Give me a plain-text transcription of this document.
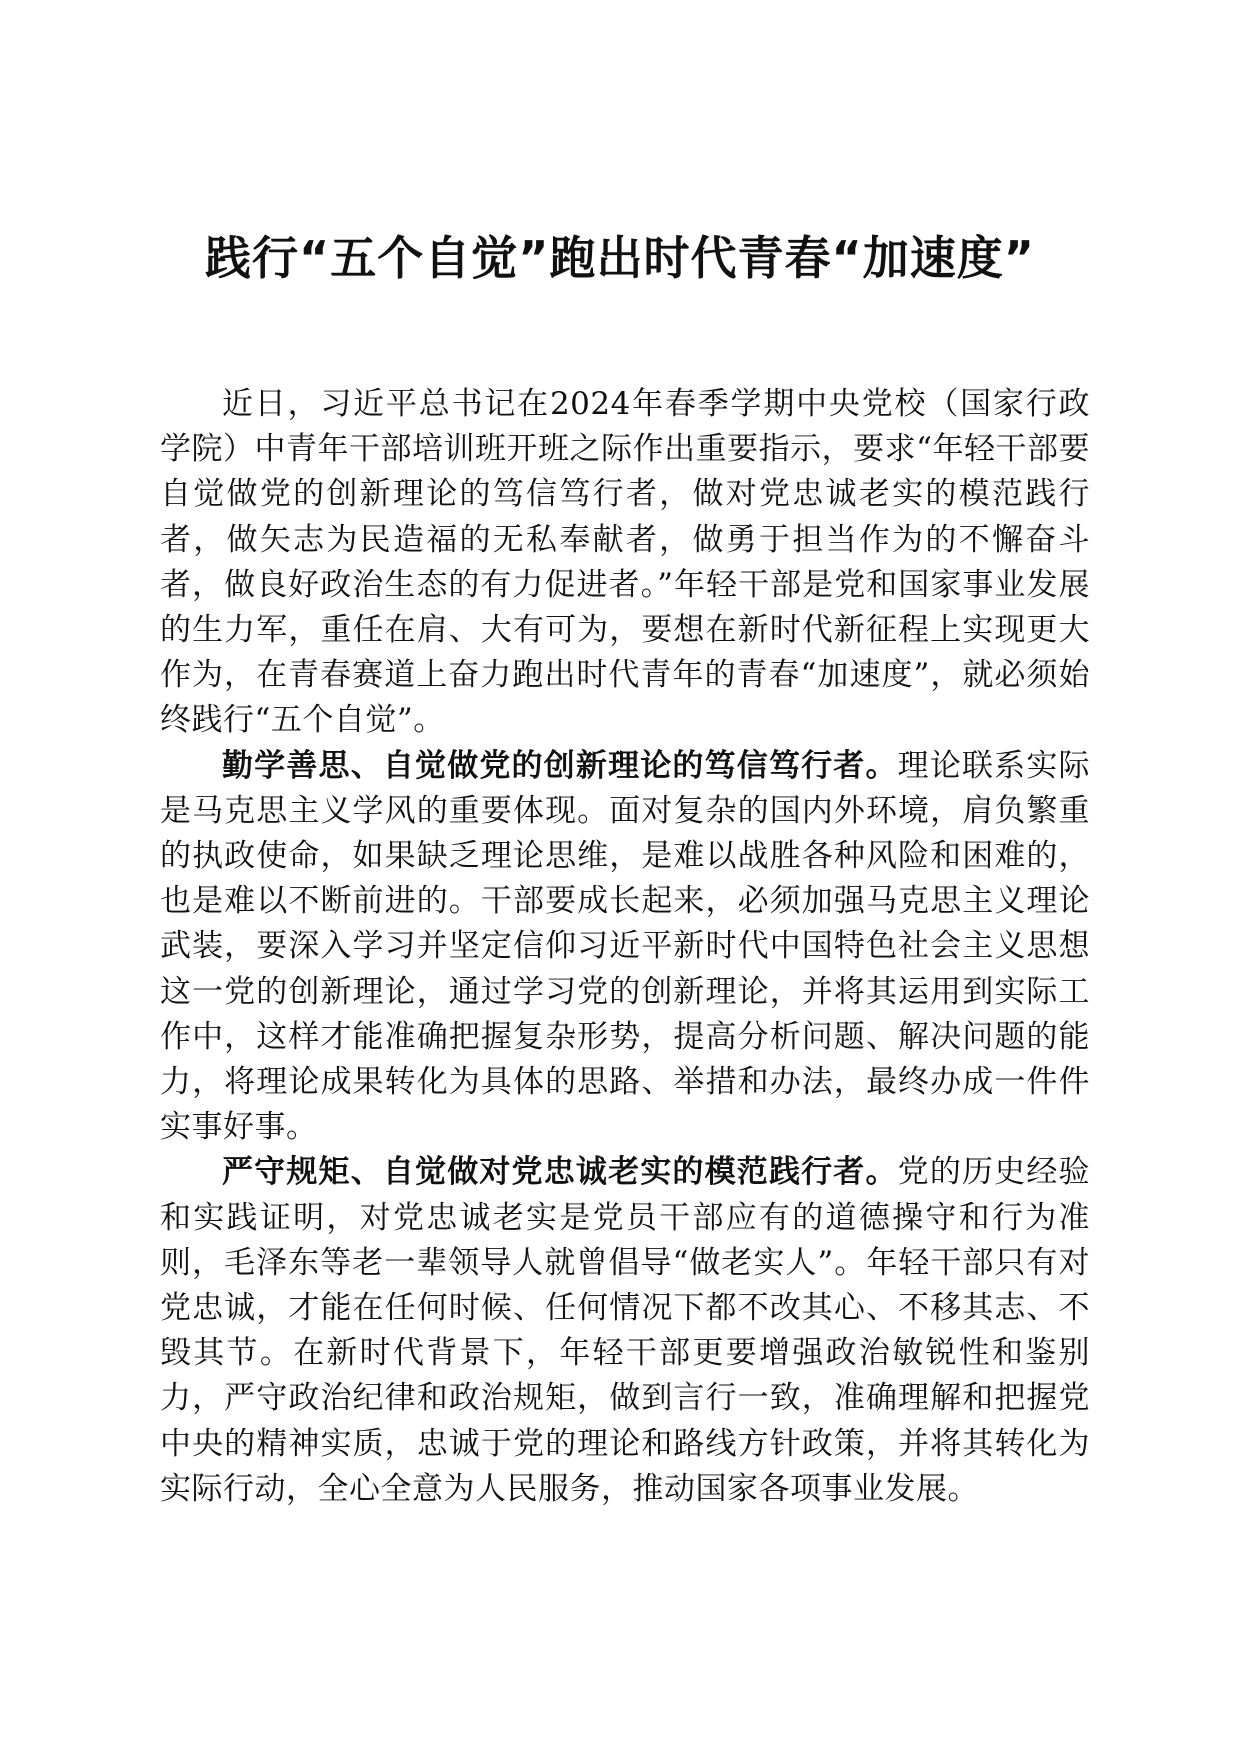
践行“五个自觉”跑出时代青春“加速度”

近日，习近平总书记在2024年春季学期中央党校（国家行政学院）中青年干部培训班开班之际作出重要指示，要求“年轻干部要自觉做党的创新理论的笃信笃行者，做对党忠诚老实的模范践行者，做矢志为民造福的无私奉献者，做勇于担当作为的不懈奋斗者，做良好政治生态的有力促进者。”年轻干部是党和国家事业发展的生力军，重任在肩、大有可为，要想在新时代新征程上实现更大作为，在青春赛道上奋力跑出时代青年的青春“加速度”，就必须始终践行“五个自觉”。

勤学善思、自觉做党的创新理论的笃信笃行者。理论联系实际是马克思主义学风的重要体现。面对复杂的国内外环境，肩负繁重的执政使命，如果缺乏理论思维，是难以战胜各种风险和困难的，也是难以不断前进的。干部要成长起来，必须加强马克思主义理论武装，要深入学习并坚定信仰习近平新时代中国特色社会主义思想这一党的创新理论，通过学习党的创新理论，并将其运用到实际工作中，这样才能准确把握复杂形势，提高分析问题、解决问题的能力，将理论成果转化为具体的思路、举措和办法，最终办成一件件实事好事。

严守规矩、自觉做对党忠诚老实的模范践行者。党的历史经验和实践证明，对党忠诚老实是党员干部应有的道德操守和行为准则，毛泽东等老一辈领导人就曾倡导“做老实人”。年轻干部只有对党忠诚，才能在任何时候、任何情况下都不改其心、不移其志、不毁其节。在新时代背景下，年轻干部更要增强政治敏锐性和鉴别力，严守政治纪律和政治规矩，做到言行一致，准确理解和把握党中央的精神实质，忠诚于党的理论和路线方针政策，并将其转化为实际行动，全心全意为人民服务，推动国家各项事业发展。
